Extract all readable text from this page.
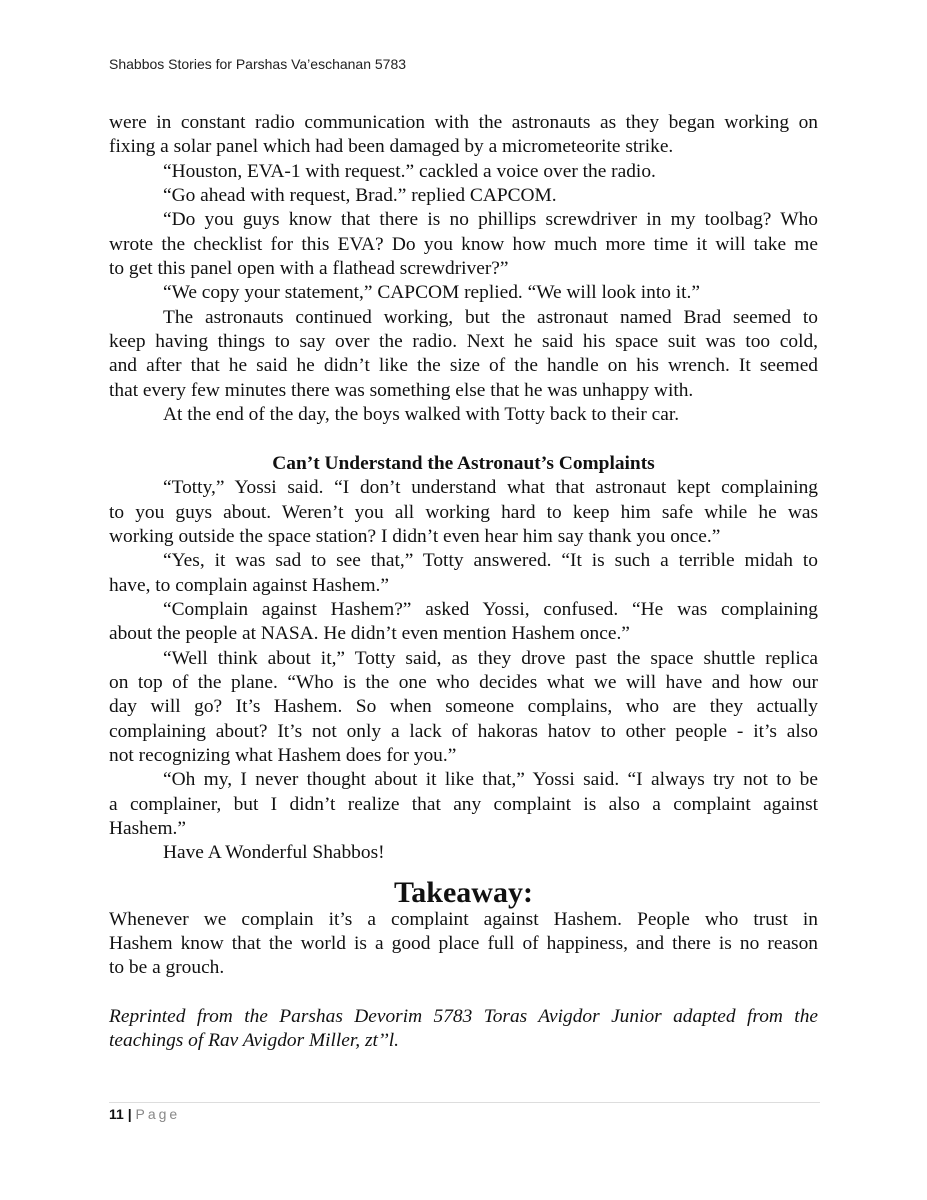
Shabbos Stories for Parshas Va’eschanan 5783
were in constant radio communication with the astronauts as they began working on
fixing a solar panel which had been damaged by a micrometeorite strike.
“Houston, EVA-1 with request.” cackled a voice over the radio.
“Go ahead with request, Brad.” replied CAPCOM.
“Do you guys know that there is no phillips screwdriver in my toolbag? Who
wrote the checklist for this EVA? Do you know how much more time it will take me
to get this panel open with a flathead screwdriver?”
“We copy your statement,” CAPCOM replied. “We will look into it.”
The astronauts continued working, but the astronaut named Brad seemed to
keep having things to say over the radio. Next he said his space suit was too cold,
and after that he said he didn’t like the size of the handle on his wrench. It seemed
that every few minutes there was something else that he was unhappy with.
At the end of the day, the boys walked with Totty back to their car.
Can’t Understand the Astronaut’s Complaints
“Totty,” Yossi said. “I don’t understand what that astronaut kept complaining
to you guys about. Weren’t you all working hard to keep him safe while he was
working outside the space station? I didn’t even hear him say thank you once.”
“Yes, it was sad to see that,” Totty answered. “It is such a terrible midah to
have, to complain against Hashem.”
“Complain against Hashem?” asked Yossi, confused. “He was complaining
about the people at NASA. He didn’t even mention Hashem once.”
“Well think about it,” Totty said, as they drove past the space shuttle replica
on top of the plane. “Who is the one who decides what we will have and how our
day will go? It’s Hashem. So when someone complains, who are they actually
complaining about? It’s not only a lack of hakoras hatov to other people - it’s also
not recognizing what Hashem does for you.”
“Oh my, I never thought about it like that,” Yossi said. “I always try not to be
a complainer, but I didn’t realize that any complaint is also a complaint against
Hashem.”
Have A Wonderful Shabbos!
Takeaway:
Whenever we complain it’s a complaint against Hashem. People who trust in
Hashem know that the world is a good place full of happiness, and there is no reason
to be a grouch.
Reprinted from the Parshas Devorim 5783 Toras Avigdor Junior adapted from the
teachings of Rav Avigdor Miller, zt’’l.
11 | Page
